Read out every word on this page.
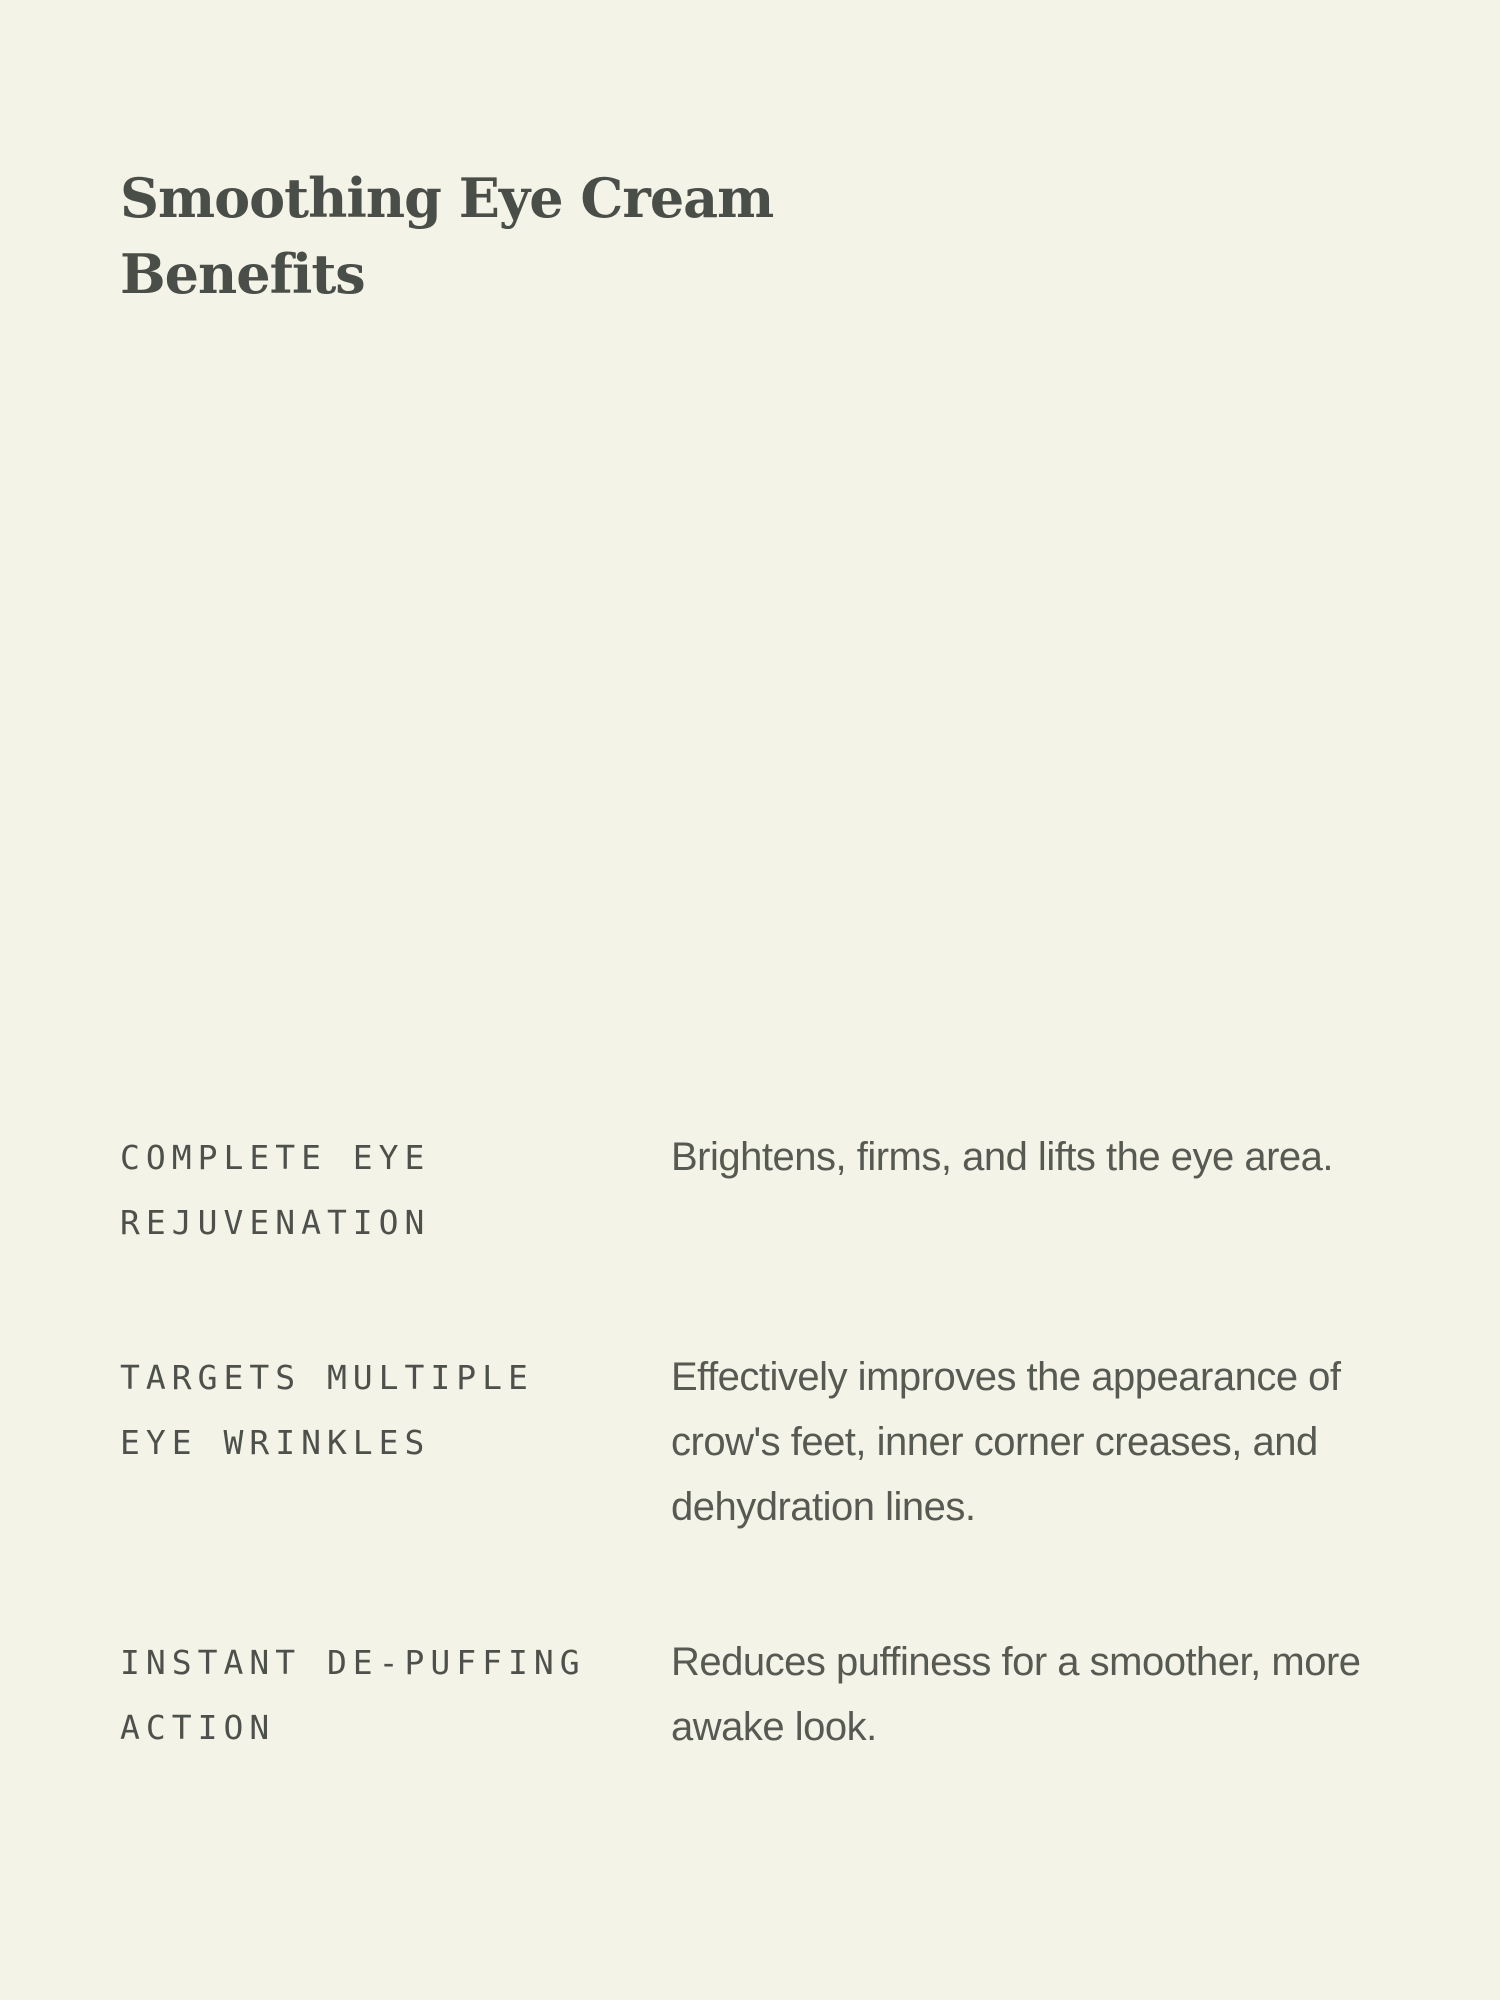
Smoothing Eye Cream Benefits
COMPLETE EYE
REJUVENATION
Brightens, firms, and lifts the eye area.
TARGETS MULTIPLE
EYE WRINKLES
Effectively improves the appearance of crow's feet, inner corner creases, and dehydration lines.
INSTANT DE-PUFFING
ACTION
Reduces puffiness for a smoother, more awake look.
